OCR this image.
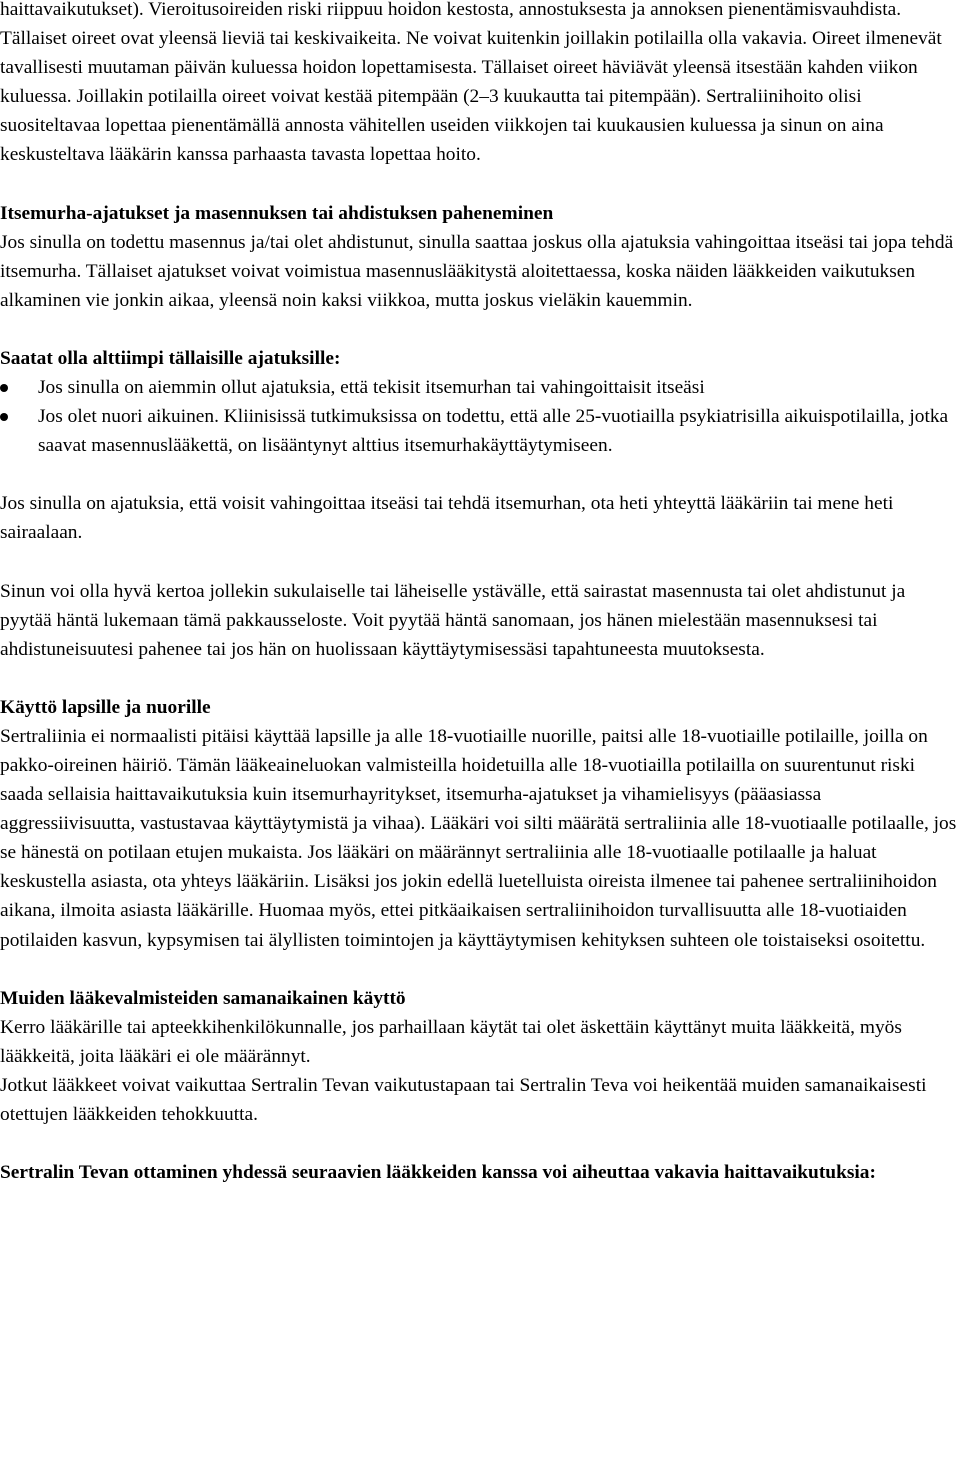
haittavaikutukset). Vieroitusoireiden riski riippuu hoidon kestosta, annostuksesta ja annoksen pienentämisvauhdista. Tällaiset oireet ovat yleensä lieviä tai keskivaikeita. Ne voivat kuitenkin joillakin potilailla olla vakavia. Oireet ilmenevät tavallisesti muutaman päivän kuluessa hoidon lopettamisesta. Tällaiset oireet häviävät yleensä itsestään kahden viikon kuluessa. Joillakin potilailla oireet voivat kestää pitempään (2–3 kuukautta tai pitempään). Sertraliinihoito olisi suositeltavaa lopettaa pienentämällä annosta vähitellen useiden viikkojen tai kuukausien kuluessa ja sinun on aina keskusteltava lääkärin kanssa parhaasta tavasta lopettaa hoito.

Itsemurha-ajatukset ja masennuksen tai ahdistuksen paheneminen

Jos sinulla on todettu masennus ja/tai olet ahdistunut, sinulla saattaa joskus olla ajatuksia vahingoittaa itseäsi tai jopa tehdä itsemurha. Tällaiset ajatukset voivat voimistua masennuslääkitystä aloitettaessa, koska näiden lääkkeiden vaikutuksen alkaminen vie jonkin aikaa, yleensä noin kaksi viikkoa, mutta joskus vieläkin kauemmin.

Saatat olla alttiimpi tällaisille ajatuksille:
Jos sinulla on aiemmin ollut ajatuksia, että tekisit itsemurhan tai vahingoittaisit itseäsi
Jos olet nuori aikuinen. Kliinisissä tutkimuksissa on todettu, että alle 25-vuotiailla psykiatrisilla aikuispotilailla, jotka saavat masennuslääkettä, on lisääntynyt alttius itsemurhakäyttäytymiseen.

Jos sinulla on ajatuksia, että voisit vahingoittaa itseäsi tai tehdä itsemurhan, ota heti yhteyttä lääkäriin tai mene heti sairaalaan.

Sinun voi olla hyvä kertoa jollekin sukulaiselle tai läheiselle ystävälle, että sairastat masennusta tai olet ahdistunut ja pyytää häntä lukemaan tämä pakkausseloste. Voit pyytää häntä sanomaan, jos hänen mielestään masennuksesi tai ahdistuneisuutesi pahenee tai jos hän on huolissaan käyttäytymisessäsi tapahtuneesta muutoksesta.

Käyttö lapsille ja nuorille

Sertraliinia ei normaalisti pitäisi käyttää lapsille ja alle 18-vuotiaille nuorille, paitsi alle 18-vuotiaille potilaille, joilla on pakko-oireinen häiriö. Tämän lääkeaineluokan valmisteilla hoidetuilla alle 18-vuotiailla potilailla on suurentunut riski saada sellaisia haittavaikutuksia kuin itsemurhayritykset, itsemurha-ajatukset ja vihamielisyys (pääasiassa aggressiivisuutta, vastustavaa käyttäytymistä ja vihaa). Lääkäri voi silti määrätä sertraliinia alle 18-vuotiaalle potilaalle, jos se hänestä on potilaan etujen mukaista. Jos lääkäri on määrännyt sertraliinia alle 18-vuotiaalle potilaalle ja haluat keskustella asiasta, ota yhteys lääkäriin. Lisäksi jos jokin edellä luetelluista oireista ilmenee tai pahenee sertraliinihoidon aikana, ilmoita asiasta lääkärille. Huomaa myös, ettei pitkäaikaisen sertraliinihoidon turvallisuutta alle 18-vuotiaiden potilaiden kasvun, kypsymisen tai älyllisten toimintojen ja käyttäytymisen kehityksen suhteen ole toistaiseksi osoitettu.

Muiden lääkevalmisteiden samanaikainen käyttö

Kerro lääkärille tai apteekkihenkilökunnalle, jos parhaillaan käytät tai olet äskettäin käyttänyt muita lääkkeitä, myös lääkkeitä, joita lääkäri ei ole määrännyt.

Jotkut lääkkeet voivat vaikuttaa Sertralin Tevan vaikutustapaan tai Sertralin Teva voi heikentää muiden samanaikaisesti otettujen lääkkeiden tehokkuutta.

Sertralin Tevan ottaminen yhdessä seuraavien lääkkeiden kanssa voi aiheuttaa vakavia haittavaikutuksia:
